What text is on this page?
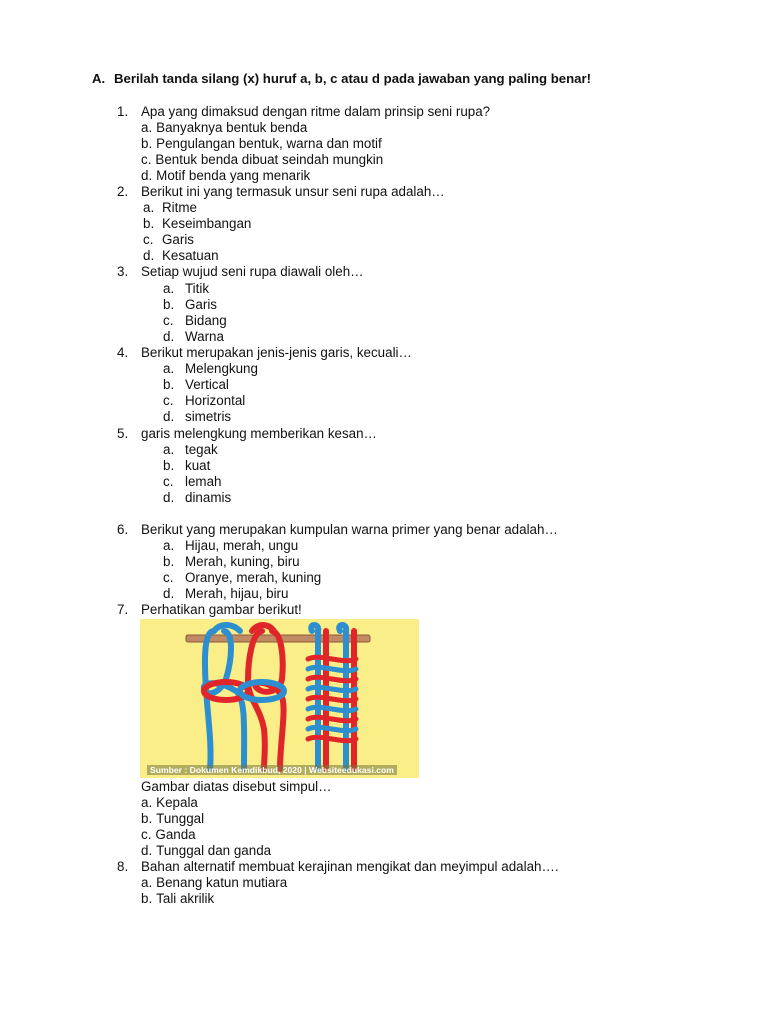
A. Berilah tanda silang (x) huruf a, b, c atau d pada jawaban yang paling benar!
1. Apa yang dimaksud dengan ritme dalam prinsip seni rupa?
a. Banyaknya bentuk benda
b. Pengulangan bentuk, warna dan motif
c. Bentuk benda dibuat seindah mungkin
d. Motif benda yang menarik
2. Berikut ini yang termasuk unsur seni rupa adalah…
a. Ritme
b. Keseimbangan
c. Garis
d. Kesatuan
3. Setiap wujud seni rupa diawali oleh…
a. Titik
b. Garis
c. Bidang
d. Warna
4. Berikut merupakan jenis-jenis garis, kecuali…
a. Melengkung
b. Vertical
c. Horizontal
d. simetris
5. garis melengkung memberikan kesan…
a. tegak
b. kuat
c. lemah
d. dinamis
6. Berikut yang merupakan kumpulan warna primer yang benar adalah…
a. Hijau, merah, ungu
b. Merah, kuning, biru
c. Oranye, merah, kuning
d. Merah, hijau, biru
7. Perhatikan gambar berikut!
Sumber : Dokumen Kemdikbud, 2020 | Websiteedukasi.com
Gambar diatas disebut simpul…
a. Kepala
b. Tunggal
c. Ganda
d. Tunggal dan ganda
8. Bahan alternatif membuat kerajinan mengikat dan meyimpul adalah….
a. Benang katun mutiara
b. Tali akrilik
